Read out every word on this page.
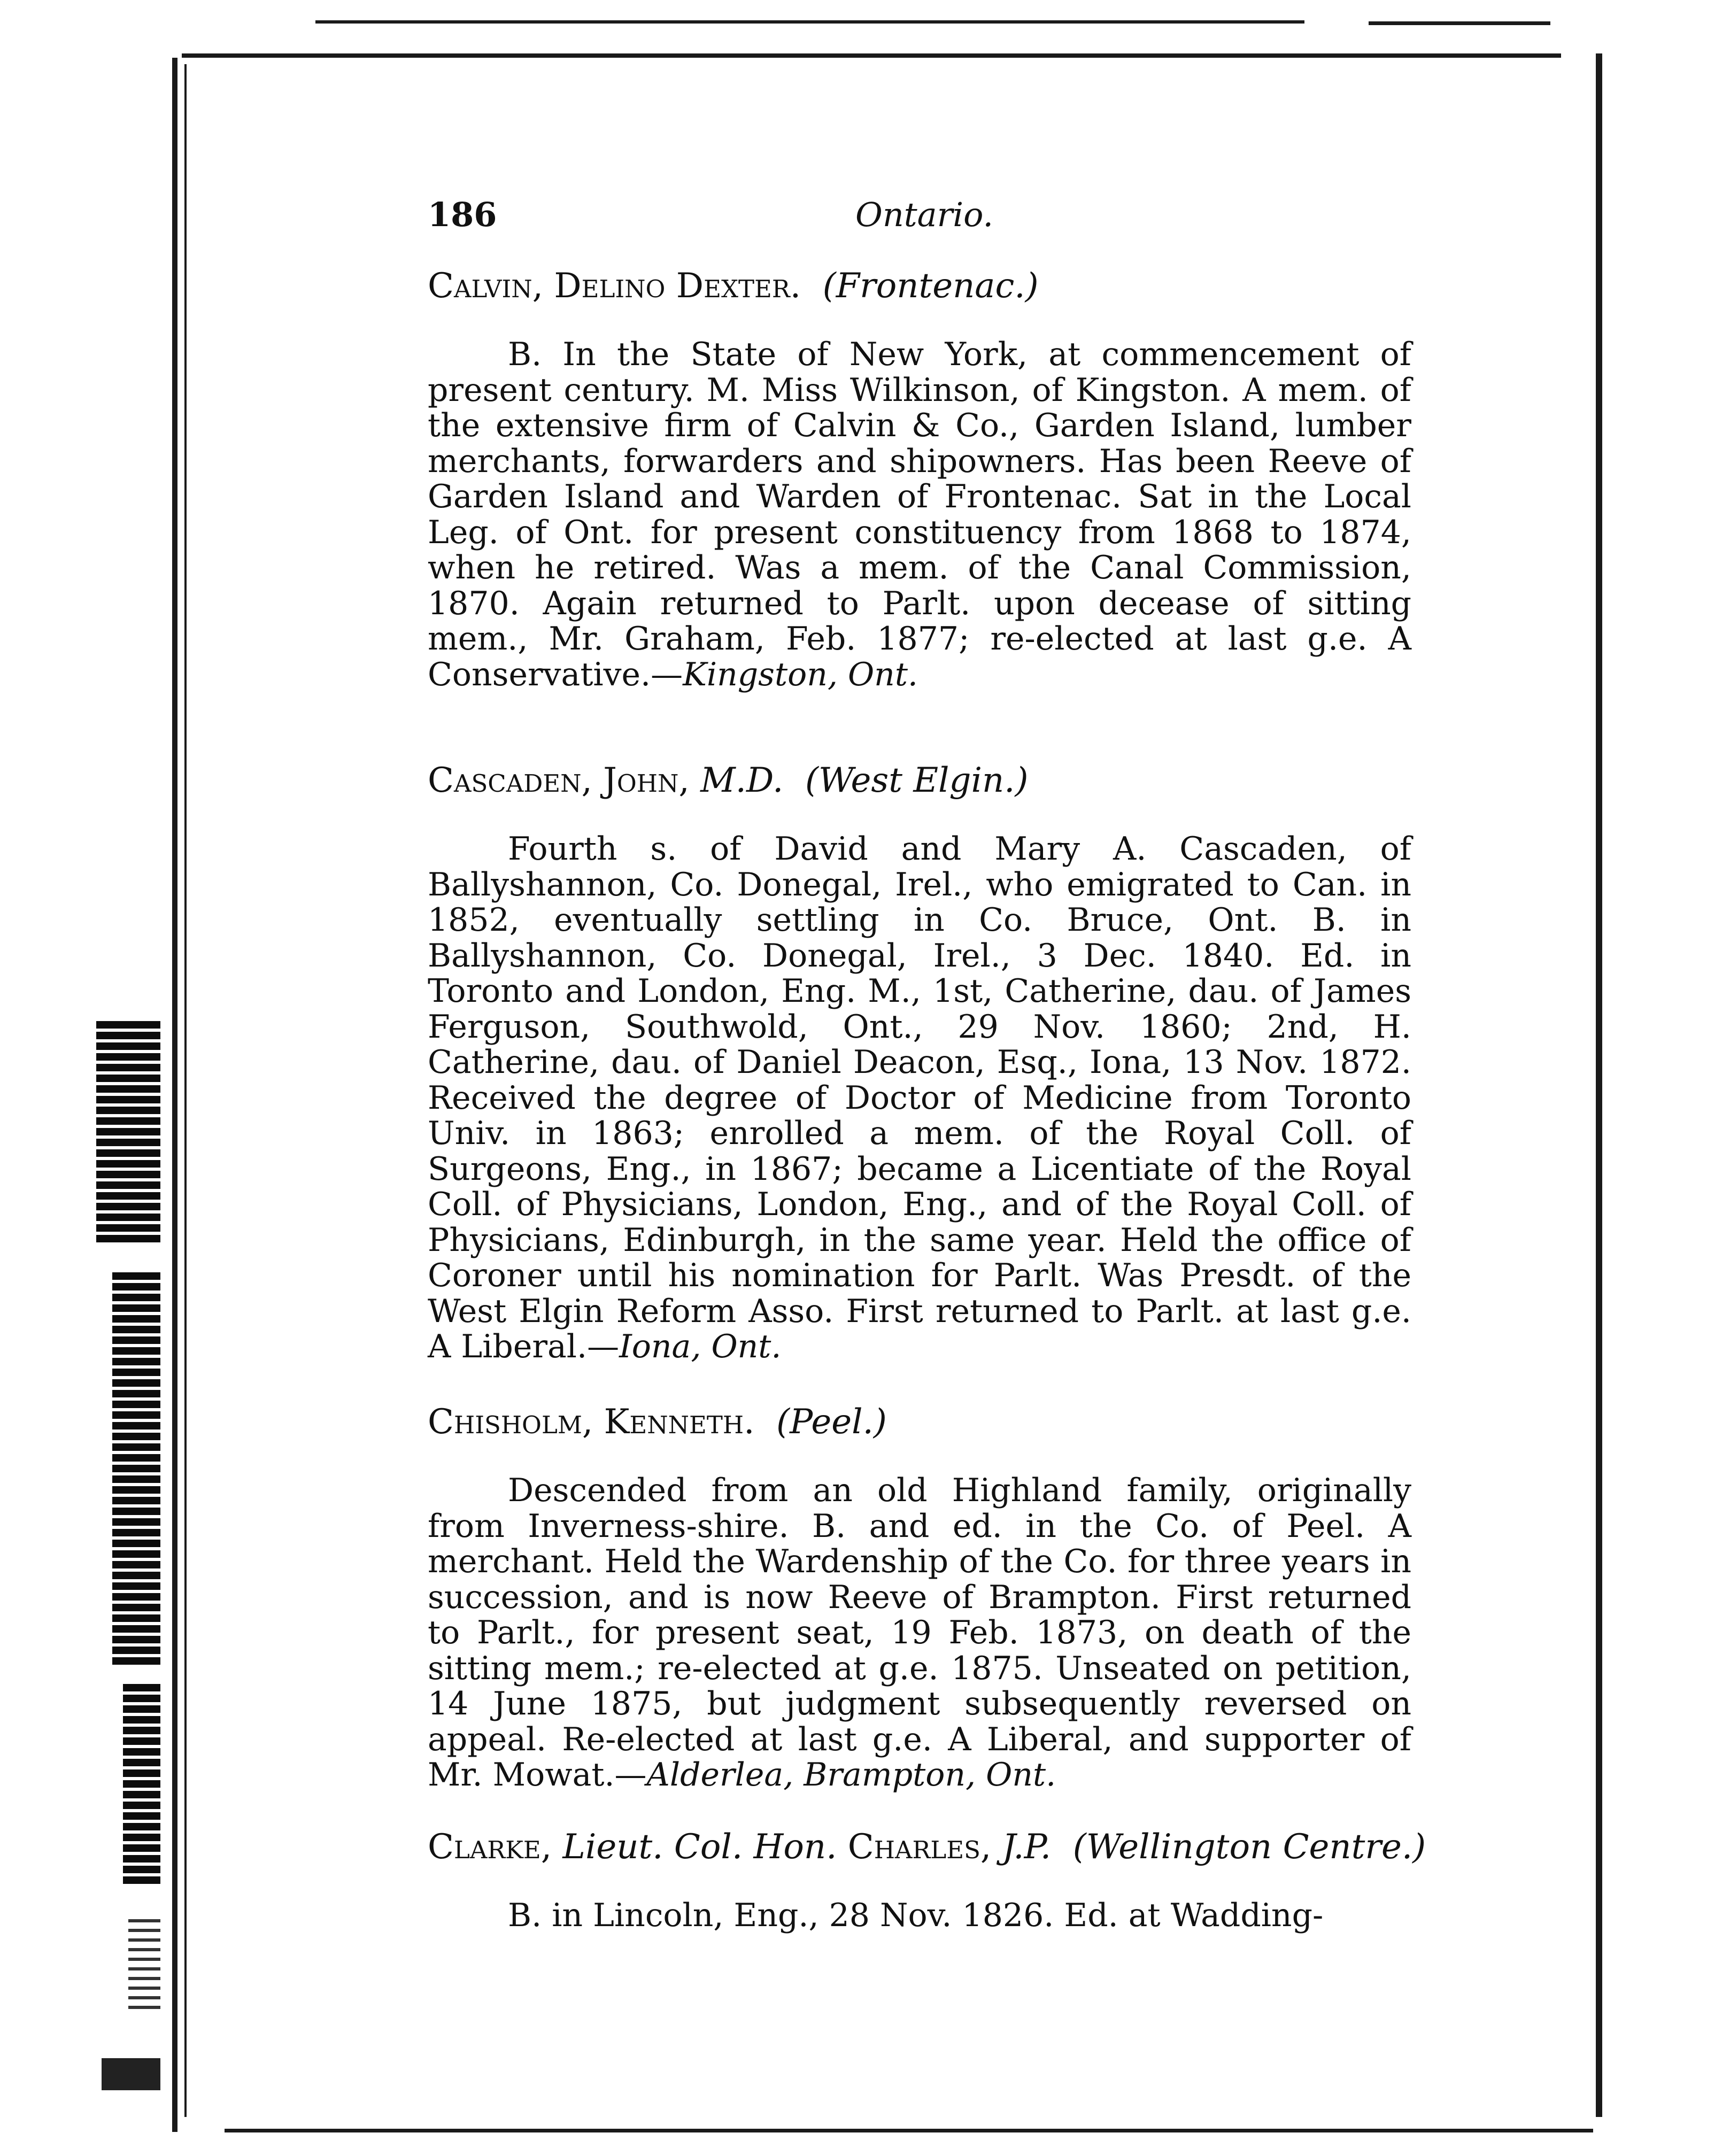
186	Ontario.
Calvin, Delino Dexter. (Frontenac.)
B. In the State of New York, at commencement of present century. M. Miss Wilkinson, of Kingston. A mem. of the extensive firm of Calvin & Co., Garden Island, lumber merchants, forwarders and shipowners. Has been Reeve of Garden Island and Warden of Frontenac. Sat in the Local Leg. of Ont. for present constituency from 1868 to 1874, when he retired. Was a mem. of the Canal Commission, 1870. Again returned to Parlt. upon decease of sitting mem., Mr. Graham, Feb. 1877; re-elected at last g.e. A Conservative.—Kingston, Ont.
Cascaden, John, M.D. (West Elgin.)
Fourth s. of David and Mary A. Cascaden, of Ballyshannon, Co. Donegal, Irel., who emigrated to Can. in 1852, eventually settling in Co. Bruce, Ont. B. in Ballyshannon, Co. Donegal, Irel., 3 Dec. 1840. Ed. in Toronto and London, Eng. M., 1st, Catherine, dau. of James Ferguson, Southwold, Ont., 29 Nov. 1860; 2nd, H. Catherine, dau. of Daniel Deacon, Esq., Iona, 13 Nov. 1872. Received the degree of Doctor of Medicine from Toronto Univ. in 1863; enrolled a mem. of the Royal Coll. of Surgeons, Eng., in 1867; became a Licentiate of the Royal Coll. of Physicians, London, Eng., and of the Royal Coll. of Physicians, Edinburgh, in the same year. Held the office of Coroner until his nomination for Parlt. Was Presdt. of the West Elgin Reform Asso. First returned to Parlt. at last g.e. A Liberal.—Iona, Ont.
Chisholm, Kenneth. (Peel.)
Descended from an old Highland family, originally from Inverness-shire. B. and ed. in the Co. of Peel. A merchant. Held the Wardenship of the Co. for three years in succession, and is now Reeve of Brampton. First returned to Parlt., for present seat, 19 Feb. 1873, on death of the sitting mem.; re-elected at g.e. 1875. Unseated on petition, 14 June 1875, but judgment subsequently reversed on appeal. Re-elected at last g.e. A Liberal, and supporter of Mr. Mowat.—Alderlea, Brampton, Ont.
Clarke, Lieut. Col. Hon. Charles, J.P. (Wellington Centre.)
B. in Lincoln, Eng., 28 Nov. 1826. Ed. at Wadding-
